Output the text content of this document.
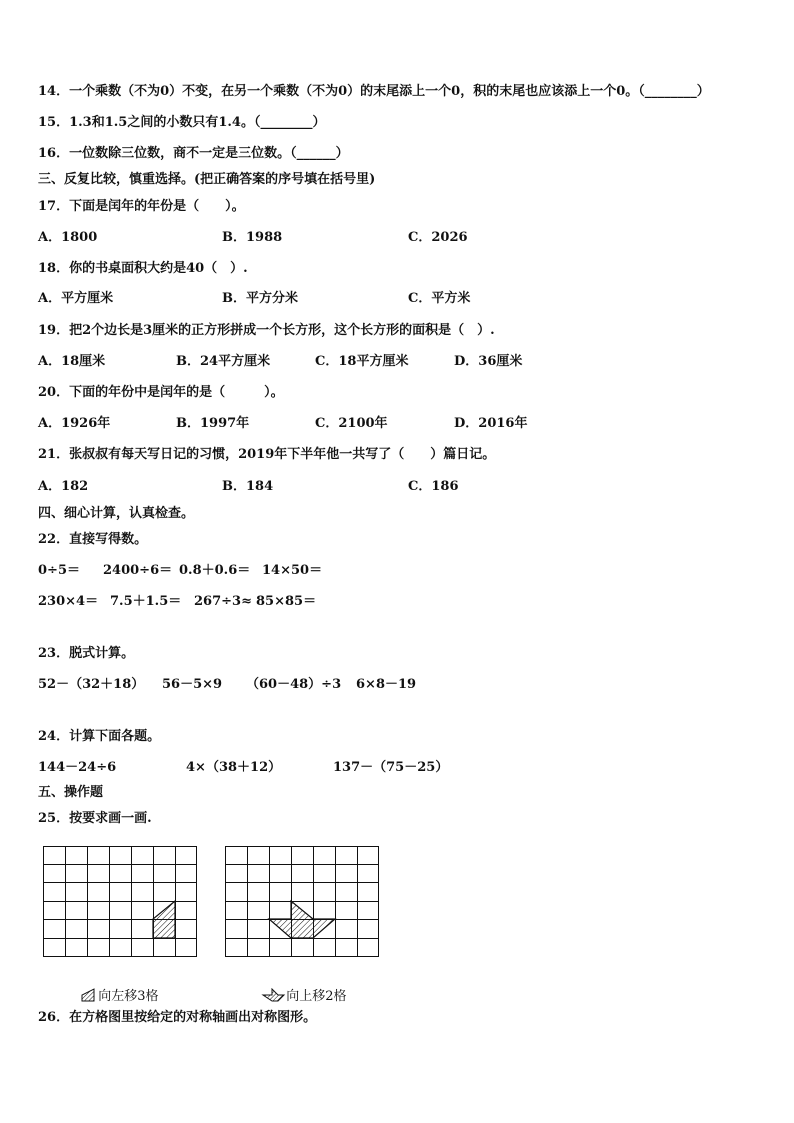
14．一个乘数（不为0）不变，在另一个乘数（不为0）的末尾添上一个0，积的末尾也应该添上一个0。（________）
15．1.3和1.5之间的小数只有1.4。（________）
16．一位数除三位数，商不一定是三位数。（______）
三、反复比较，慎重选择。(把正确答案的序号填在括号里)
17．下面是闰年的年份是（　　）。
A．1800	B．1988	C．2026
18．你的书桌面积大约是40（　）.
A．平方厘米	B．平方分米	C．平方米
19．把2个边长是3厘米的正方形拼成一个长方形，这个长方形的面积是（　）.
A．18厘米	B．24平方厘米	C．18平方厘米	D．36厘米
20．下面的年份中是闰年的是（　　　）。
A．1926年	B．1997年	C．2100年	D．2016年
21．张叔叔有每天写日记的习惯，2019年下半年他一共写了（　　）篇日记。
A．182	B．184	C．186
四、细心计算，认真检查。
22．直接写得数。
0÷5＝ 2400÷6＝ 0.8＋0.6＝ 14×50＝
230×4＝ 7.5＋1.5＝ 267÷3≈ 85×85＝
23．脱式计算。
52－（32＋18） 56－5×9 （60－48）÷3 6×8－19
24．计算下面各题。
144－24÷6	4×（38＋12）	137－（75－25）
五、操作题
25．按要求画一画.

向左移3格	向上移2格

26．在方格图里按给定的对称轴画出对称图形。
